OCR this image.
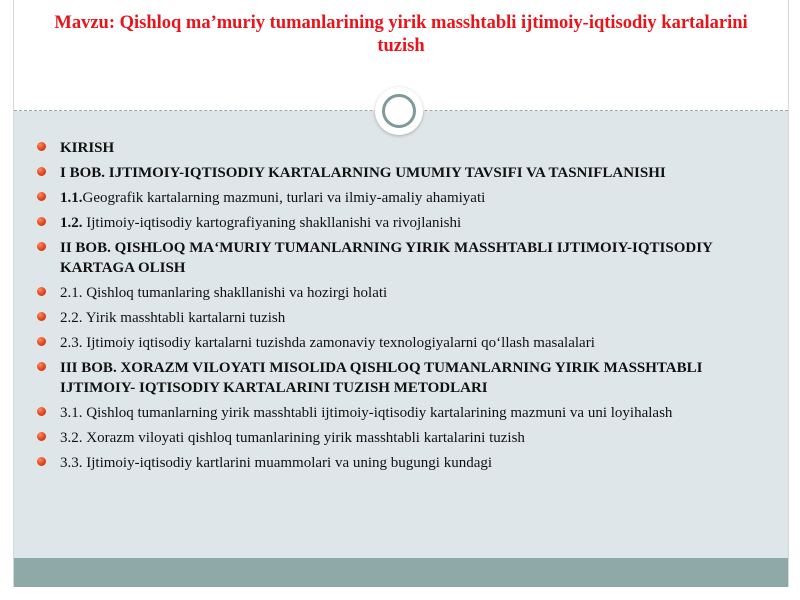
Mavzu: Qishloq ma’muriy tumanlarining yirik masshtabli ijtimoiy-iqtisodiy kartalarini tuzish
KIRISH
I BOB. IJTIMOIY-IQTISODIY KARTALARNING UMUMIY TAVSIFI VA TASNIFLANISHI
1.1.Geografik kartalarning mazmuni, turlari va ilmiy-amaliy ahamiyati
1.2. Ijtimoiy-iqtisodiy kartografiyaning shakllanishi va rivojlanishi
II BOB. QISHLOQ MA‘MURIY TUMANLARNING YIRIK MASSHTABLI IJTIMOIY-IQTISODIY KARTAGA OLISH
2.1. Qishloq tumanlaring shakllanishi va hozirgi holati
2.2. Yirik masshtabli kartalarni tuzish
2.3. Ijtimoiy iqtisodiy kartalarni tuzishda zamonaviy texnologiyalarni qo‘llash masalalari
III BOB. XORAZM VILOYATI MISOLIDA QISHLOQ TUMANLARNING YIRIK MASSHTABLI IJTIMOIY- IQTISODIY KARTALARINI TUZISH METODLARI
3.1. Qishloq tumanlarning yirik masshtabli ijtimoiy-iqtisodiy kartalarining mazmuni va uni loyihalash
3.2. Xorazm viloyati qishloq tumanlarining yirik masshtabli kartalarini tuzish
3.3. Ijtimoiy-iqtisodiy kartlarini muammolari va uning bugungi kundagi
